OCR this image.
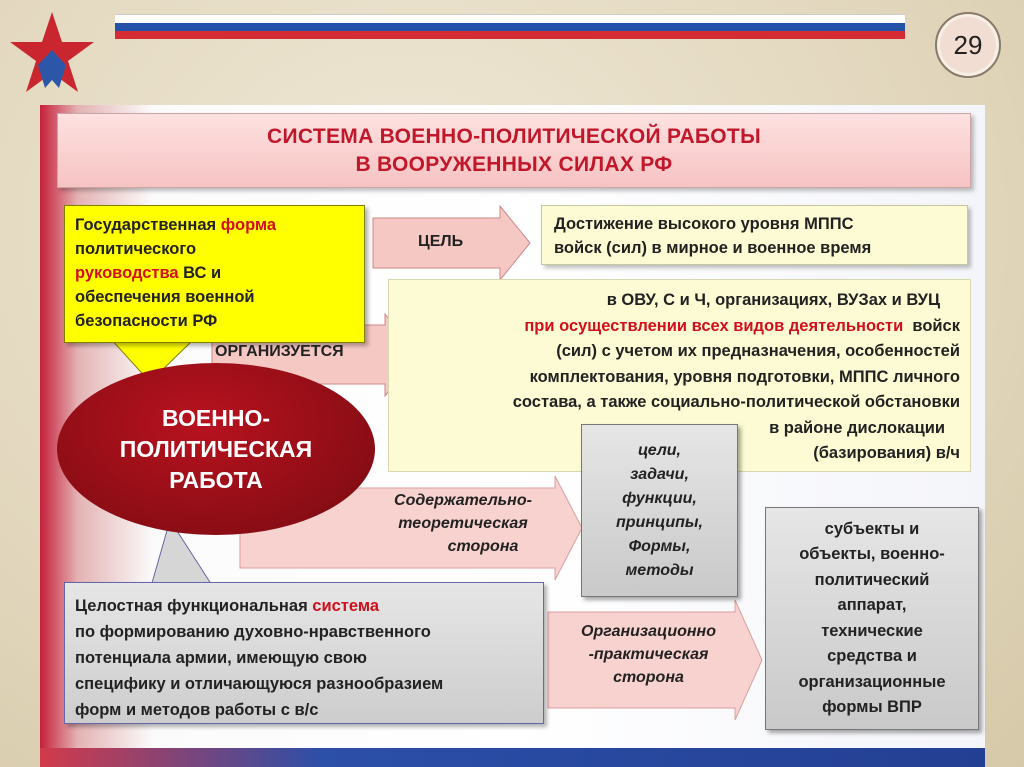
29
СИСТЕМА ВОЕННО-ПОЛИТИЧЕСКОЙ РАБОТЫ
В ВООРУЖЕННЫХ СИЛАХ РФ
Государственная форма
политического
руководства ВС и
обеспечения военной
безопасности РФ
ЦЕЛЬ
Достижение высокого уровня МППС
войск (сил) в мирное и военное время
в ОВУ, С и Ч, организациях, ВУЗах и ВУЦ
при осуществлении всех видов деятельности войск
(сил) с учетом их предназначения, особенностей
комплектования, уровня подготовки, МППС личного
состава, а также социально-политической обстановки
в районе дислокации
(базирования) в/ч
ОРГАНИЗУЕТСЯ
ВОЕННО-
ПОЛИТИЧЕСКАЯ
РАБОТА
Содержательно-
теоретическая
сторона
цели,
задачи,
функции,
принципы,
Формы,
методы
Организационно
-практическая
сторона
субъекты и
объекты, военно-
политический
аппарат,
технические
средства и
организационные
формы ВПР
Целостная функциональная система
по формированию духовно-нравственного
потенциала армии, имеющую свою
специфику и отличающуюся разнообразием
форм и методов работы с в/с
